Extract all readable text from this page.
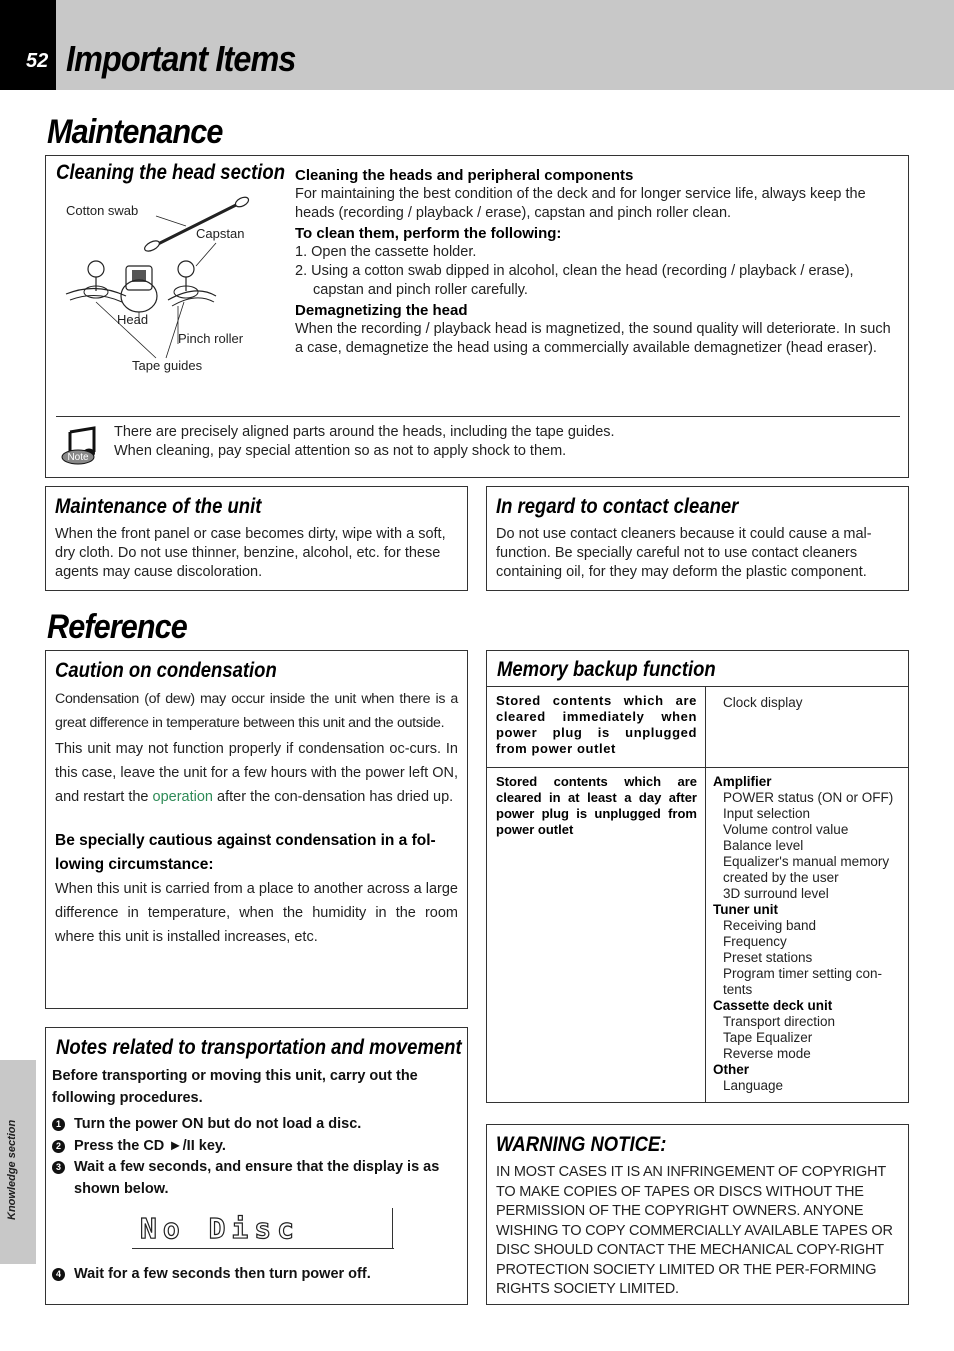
52 Important Items
Knowledge section
Maintenance
Cleaning the head section
Cotton swab
Capstan
Head
Pinch roller
Tape guides

Cleaning the heads and peripheral components

For maintaining the best condition of the deck and for longer service life, always keep the heads (recording / playback / erase), capstan and pinch roller clean.

To clean them, perform the following:

1. Open the cassette holder.
2. Using a cotton swab dipped in alcohol, clean the head (recording / playback / erase), capstan and pinch roller carefully.

Demagnetizing the head

When the recording / playback head is magnetized, the sound quality will deteriorate. In such a case, demagnetize the head using a commercially available demagnetizer (head eraser).

Note
There are precisely aligned parts around the heads, including the tape guides.
When cleaning, pay special attention so as not to apply shock to them.
Maintenance of the unit

When the front panel or case becomes dirty, wipe with a soft, dry cloth. Do not use thinner, benzine, alcohol, etc. for these agents may cause discoloration.

In regard to contact cleaner

Do not use contact cleaners because it could cause a mal-function. Be specially careful not to use contact cleaners containing oil, for they may deform the plastic component.

Reference
Caution on condensation

Condensation (of dew) may occur inside the unit when there is a great difference in temperature between this unit and the outside.

This unit may not function properly if condensation oc-curs. In this case, leave the unit for a few hours with the power left ON, and restart the operation after the con-densation has dried up.

Be specially cautious against condensation in a fol-lowing circumstance:

When this unit is carried from a place to another across a large difference in temperature, when the humidity in the room where this unit is installed increases, etc.

Notes related to transportation and movement

Before transporting or moving this unit, carry out the following procedures.

1 Turn the power ON but do not load a disc.
2 Press the CD ►/II key.
3 Wait a few seconds, and ensure that the display is as shown below.
No Disc
4 Wait for a few seconds then turn power off.
Memory backup function
Stored contents which are cleared immediately when power plug is unplugged from power outlet
Clock display
Stored contents which are cleared in at least a day after power plug is unplugged from power outlet
Amplifier
POWER status (ON or OFF)
Input selection
Volume control value
Balance level
Equalizer's manual memory created by the user
3D surround level
Tuner unit
Receiving band
Frequency
Preset stations
Program timer setting con-tents
Cassette deck unit
Transport direction
Tape Equalizer
Reverse mode
Other
Language
WARNING NOTICE:

IN MOST CASES IT IS AN INFRINGEMENT OF COPYRIGHT TO MAKE COPIES OF TAPES OR DISCS WITHOUT THE PERMISSION OF THE COPYRIGHT OWNERS. ANYONE WISHING TO COPY COMMERCIALLY AVAILABLE TAPES OR DISC SHOULD CONTACT THE MECHANICAL COPY-RIGHT PROTECTION SOCIETY LIMITED OR THE PER-FORMING RIGHTS SOCIETY LIMITED.
